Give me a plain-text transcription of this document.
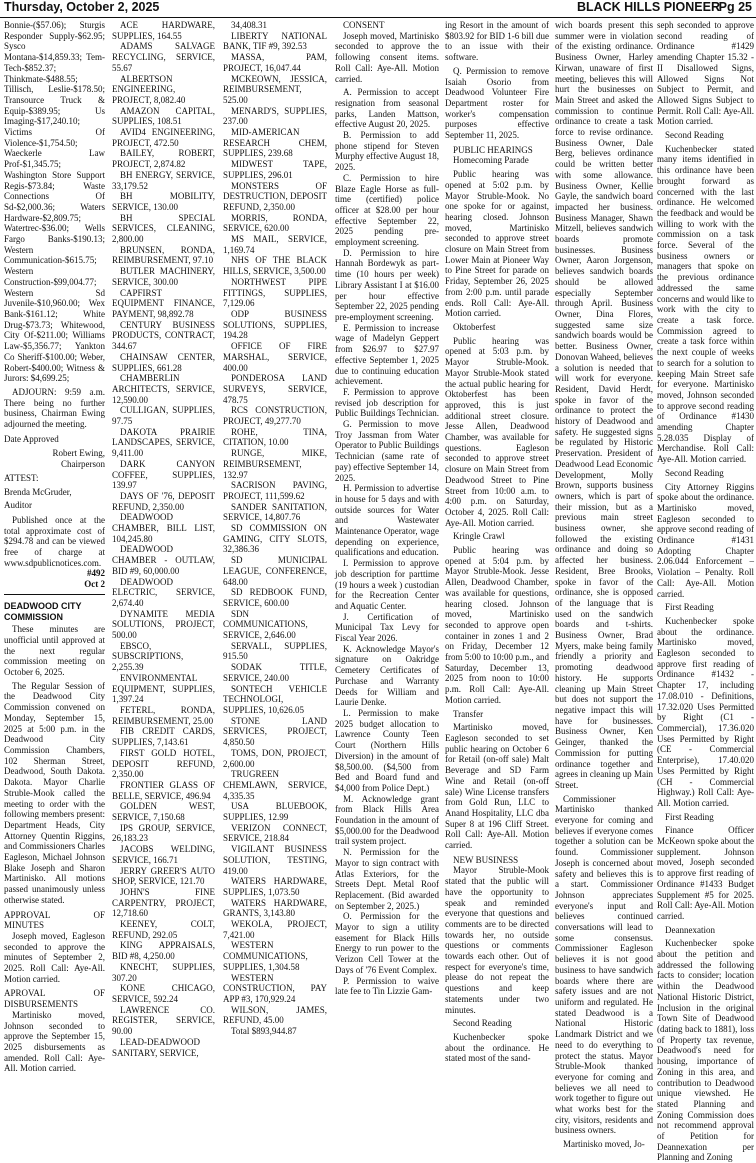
Thursday, October 2, 2025	BLACK HILLS PIONEER
Pg 25

Bonnie-($57.06); Sturgis Responder Supply-$62.95; Sysco Montana-$14,859.33; Tem-Tech-$852.37; Thinkmate-$488.55; Tillisch, Leslie-$178.50; Transource Truck & Equip-$389.95; Us Imaging-$17,240.10; Victims Of Violence-$1,754.50; Waeckerle Law Prof-$1,345.75; Washington Store Support Regis-$73.84; Waste Connections Of Sd-$2,000.36; Waters Hardware-$2,809.75; Watertrec-$36.00; Wells Fargo Banks-$190.13; Western Communication-$615.75; Western Construction-$99,004.77; Western Sd Juvenile-$10,960.00; Wex Bank-$161.12; White Drug-$73.73; Whitewood, City Of-$211.00; Williams Law-$5,356.77; Yankton Co Sheriff-$100.00; Weber, Robert-$400.00; Witness & Jurors: $4,699.25;

ADJOURN: 9:59 a.m. There being no further business, Chairman Ewing adjourned the meeting.

Date Approved

Robert Ewing,

Chairperson

ATTEST:

Brenda McGruder,

Auditor

Published once at the total approximate cost of $294.78 and can be viewed free of charge at www.sdpublicnotices.com.

#492

Oct 2

DEADWOOD CITY COMMISSION

These minutes are unofficial until approved at the next regular commission meeting on October 6, 2025.

The Regular Session of the Deadwood City Commission convened on Monday, September 15, 2025 at 5:00 p.m. in the Deadwood City Commission Chambers, 102 Sherman Street, Deadwood, South Dakota. Dakota. Mayor Charlie Struble-Mook called the meeting to order with the following members present: Department Heads, City Attorney Quentin Riggins, and Commissioners Charles Eagleson, Michael Johnson Blake Joseph and Sharon Martinisko. All motions passed unanimously unless otherwise stated.

APPROVAL OF MINUTES

Joseph moved, Eagleson seconded to approve the minutes of September 2, 2025. Roll Call: Aye-All. Motion carried.

APROVAL OF DISBURSEMENTS

Martinisko moved, Johnson seconded to approve the September 15, 2025 disbursements as amended. Roll Call: Aye-All. Motion carried.

ACE HARDWARE, SUPPLIES, 164.55

ADAMS SALVAGE RECYCLING, SERVICE, 55.67

ALBERTSON ENGINEERING, PROJECT, 8,082.40

AMAZON CAPITAL, SUPPLIES, 108.51

AVID4 ENGINEERING, PROJECT, 472.50

BAILEY, ROBERT, PROJECT, 2,874.82

BH ENERGY, SERVICE, 33,179.52

BH MOBILITY, SERVICE, 130.00

BH SPECIAL SERVICES, CLEANING, 2,800.00

BRUNSEN, RONDA, REIMBURSEMENT, 97.10

BUTLER MACHINERY, SERVICE, 300.00

CAPFIRST EQUIPMENT FINANCE, PAYMENT, 98,892.78

CENTURY BUSINESS PRODUCTS, CONTRACT, 344.67

CHAINSAW CENTER, SUPPLIES, 661.28

CHAMBERLIN ARCHITECTS, SERVICE, 12,590.00

CULLIGAN, SUPPLIES, 97.75

DAKOTA PRAIRIE LANDSCAPES, SERVICE, 9,411.00

DARK CANYON COFFEE, SUPPLIES, 139.97

DAYS OF '76, DEPOSIT REFUND, 2,350.00

DEADWOOD CHAMBER, BILL LIST, 104,245.80

DEADWOOD CHAMBER - OUTLAW, BID #9, 60,000.00

DEADWOOD ELECTRIC, SERVICE, 2,674.40

DYNAMITE MEDIA SOLUTIONS, PROJECT, 500.00

EBSCO, SUBSCRIPTIONS, 2,255.39

ENVIRONMENTAL EQUIPMENT, SUPPLIES, 1,397.24

FETERL, RONDA, REIMBURSEMENT, 25.00

FIB CREDIT CARDS, SUPPLIES, 7,143.61

FIRST GOLD HOTEL, DEPOSIT REFUND, 2,350.00

FRONTIER GLASS OF BELLE, SERVICE, 496.94

GOLDEN WEST, SERVICE, 7,150.68

IPS GROUP, SERVICE, 26,183.23

JACOBS WELDING, SERVICE, 166.71

JERRY GREER'S AUTO SHOP, SERVICE, 121.70

JOHN'S FINE CARPENTRY, PROJECT, 12,718.60

KEENEY, COLT, REFUND, 292.05

KING APPRAISALS, BID #8, 4,250.00

KNECHT, SUPPLIES, 307.20

KONE CHICAGO, SERVICE, 592.24

LAWRENCE CO. REGISTER, SERVICE, 90.00

LEAD-DEADWOOD SANITARY, SERVICE,

34,408.31

LIBERTY NATIONAL BANK, TIF #9, 392.53

MASSA, PAM, PROJECT, 16,047.44

MCKEOWN, JESSICA, REIMBURSEMENT, 525.00

MENARD'S, SUPPLIES, 237.00

MID-AMERICAN RESEARCH CHEM, SUPPLIES, 239.68

MIDWEST TAPE, SUPPLIES, 296.01

MONSTERS OF DESTRUCTION, DEPOSIT REFUND, 2,350.00

MORRIS, RONDA, SERVICE, 620.00

MS MAIL, SERVICE, 1,169.74

NHS OF THE BLACK HILLS, SERVICE, 3,500.00

NORTHWEST PIPE FITTINGS, SUPPLIES, 7,129.06

ODP BUSINESS SOLUTIONS, SUPPLIES, 194.28

OFFICE OF FIRE MARSHAL, SERVICE, 400.00

PONDEROSA LAND SURVEYS, SERVICE, 478.75

RCS CONSTRUCTION, PROJECT, 49,277.70

ROHE, TINA, CITATION, 10.00

RUNGE, MIKE, REIMBURSEMENT, 132.97

SACRISON PAVING, PROJECT, 111,599.62

SANDER SANITATION, SERVICE, 14,807.76

SD COMMISSION ON GAMING, CITY SLOTS, 32,386.36

SD MUNICIPAL LEAGUE, CONFERENCE, 648.00

SD REDBOOK FUND, SERVICE, 600.00

SDN COMMUNICATIONS, SERVICE, 2,646.00

SERVALL, SUPPLIES, 915.50

SODAK TITLE, SERVICE, 240.00

SONTECH VEHICLE TECHNOLOGI, SUPPLIES, 10,626.05

STONE LAND SERVICES, PROJECT, 4,850.50

TOMS, DON, PROJECT, 2,600.00

TRUGREEN CHEMLAWN, SERVICE, 4,335.35

USA BLUEBOOK, SUPPLIES, 12.99

VERIZON CONNECT, SERVICE, 218.84

VIGILANT BUSINESS SOLUTION, TESTING, 419.00

WATERS HARDWARE, SUPPLIES, 1,073.50

WATERS HARDWARE, GRANTS, 3,143.80

WEKOLA, PROJECT, 7,421.00

WESTERN COMMUNICATIONS, SUPPLIES, 1,304.58

WESTERN CONSTRUCTION, PAY APP #3, 170,929.24

WILSON, JAMES, REFUND, 45.00

Total $893,944.87

CONSENT

Joseph moved, Martinisko seconded to approve the following consent items. Roll Call: Aye-All. Motion carried.

A. Permission to accept resignation from seasonal parks, Landen Mattson, effective August 20, 2025.

B. Permission to add phone stipend for Steven Murphy effective August 18, 2025.

C. Permission to hire Blaze Eagle Horse as full-time (certified) police officer at $28.00 per hour effective September 22, 2025 pending pre-employment screening.

D. Permission to hire Hannah Bordewyk as part-time (10 hours per week) Library Assistant I at $16.00 per hour effective September 22, 2025 pending pre-employment screening.

E. Permission to increase wage of Madelyn Geppert from $26.97 to $27.97 effective September 1, 2025 due to continuing education achievement.

F. Permission to approve revised job description for Public Buildings Technician.

G. Permission to move Troy Jassman from Water Operator to Public Buildings Technician (same rate of pay) effective September 14, 2025.

H. Permission to advertise in house for 5 days and with outside sources for Water and Wastewater Maintenance Operator, wage depending on experience, qualifications and education.

I. Permission to approve job description for parttime (19 hours a week ) custodian for the Recreation Center and Aquatic Center.

J. Certification of Municipal Tax Levy for Fiscal Year 2026.

K. Acknowledge Mayor's signature on Oakridge Cemetery Certificates of Purchase and Warranty Deeds for William and Laurie Denke.

L. Permission to make 2025 budget allocation to Lawrence County Teen Court (Northern Hills Diversion) in the amount of $8,500.00. ($4,500 from Bed and Board fund and $4,000 from Police Dept.)

M. Acknowledge grant from Black Hills Area Foundation in the amount of $5,000.00 for the Deadwood trail system project.

N. Permission for the Mayor to sign contract with Atlas Exteriors, for the Streets Dept. Metal Roof Replacement. (Bid awarded on September 2, 2025.)

O. Permission for the Mayor to sign a utility easement for Black Hills Energy to run power to the Verizon Cell Tower at the Days of '76 Event Complex.

P. Permission to waive late fee to Tin Lizzie Gam-

ing Resort in the amount of $803.92 for BID 1-6 bill due to an issue with their software.

Q. Permission to remove Isaiah Osorio from Deadwood Volunteer Fire Department roster for worker's compensation purposes effective September 11, 2025.

PUBLIC HEARINGS

Homecoming Parade

Public hearing was opened at 5:02 p.m. by Mayor Struble-Mook. No one spoke for or against, hearing closed. Johnson moved, Martinisko seconded to approve street closure on Main Street from Lower Main at Pioneer Way to Pine Street for parade on Friday, September 26, 2025 from 2:00 p.m. until parade ends. Roll Call: Aye-All. Motion carried.

Oktoberfest

Public hearing was opened at 5:03 p.m. by Mayor Struble-Mook. Mayor Struble-Mook stated the actual public hearing for Oktoberfest has been approved, this is just additional street closure. Jesse Allen, Deadwood Chamber, was available for questions. Eagleson seconded to approve street closure on Main Street from Deadwood Street to Pine Street from 10:00 a.m. to 4:00 p.m. on Saturday, October 4, 2025. Roll Call: Aye-All. Motion carried.

Kringle Crawl

Public hearing was opened at 5:04 p.m. by Mayor Struble-Mook. Jesse Allen, Deadwood Chamber, was available for questions, hearing closed. Johnson moved, Martinisko seconded to approve open container in zones 1 and 2 on Friday, December 12 from 5:00 to 10:00 p.m., and Saturday, December 13, 2025 from noon to 10:00 p.m. Roll Call: Aye-All. Motion carried.

Transfer

Martinisko moved, Eagleson seconded to set public hearing on October 6 for Retail (on-off sale) Malt Beverage and SD Farm Wine and Retail (on-off sale) Wine License transfers from Gold Run, LLC to Anand Hospitality, LLC dba Super 8 at 196 Cliff Street. Roll Call: Aye-All. Motion carried.

NEW BUSINESS

Mayor Struble-Mook stated that the public will have the opportunity to speak and reminded everyone that questions and comments are to be directed towards her, no outside questions or comments towards each other. Out of respect for everyone's time, please do not repeat the questions and keep statements under two minutes.

Second Reading

Kuchenbecker spoke about the ordinance. He stated most of the sand-

wich boards present this summer were in violation of the existing ordinance. Business Owner, Harley Kirwan, unaware of first meeting, believes this will hurt the businesses on Main Street and asked the commission to continue ordinance to create a task force to revise ordinance. Business Owner, Dale Berg, believes ordinance could be written better with some allowance. Business Owner, Kellie Gayle, the sandwich board impacted her business. Business Manager, Shawn Mitzell, believes sandwich boards promote businesses. Business Owner, Aaron Jorgenson, believes sandwich boards should be allowed especially September through April. Business Owner, Dina Flores, suggested same size sandwich boards would be better. Business Owner, Donovan Waheed, believes a solution is needed that will work for everyone. Resident, David Herdt, spoke in favor of the ordinance to protect the history of Deadwood and safety. He suggested signs be regulated by Historic Preservation. President of Deadwood Lead Economic Development, Molly Brown, supports business owners, which is part of their mission, but as a previous main street business owner, she followed the existing ordinance and doing so affected her business. Resident, Bree Brooks, spoke in favor of the ordinance, she is opposed of the language that is used on the sandwich boards and t-shirts. Business Owner, Brad Myers, make being family friendly a priority and promoting deadwood history. He supports cleaning up Main Street but does not support the negative impact this will have for businesses. Business Owner, Ken Geinger, thanked the Commission for putting ordinance together and agrees in cleaning up Main Street.

Commissioner Martinisko thanked everyone for coming and believes if everyone comes together a solution can be found. Commissioner Joseph is concerned about safety and believes this is a start. Commissioner Johnson appreciates everyone's input and believes continued conversations will lead to some consensus. Commissioner Eagleson believes it is not good business to have sandwich boards where there are safety issues and are not uniform and regulated. He stated Deadwood is a National Historic Landmark District and we need to do everything to protect the status. Mayor Struble-Mook thanked everyone for coming and believes we all need to work together to figure out what works best for the city, visitors, residents and business owners.

Martinisko moved, Jo-

seph seconded to approve second reading of Ordinance #1429 amending Chapter 15.32 - II Disallowed Signs, Allowed Signs Not Subject to Permit, and Allowed Signs Subject to Permit. Roll Call: Aye-All. Motion carried.

Second Reading

Kuchenbecker stated many items identified in this ordinance have been brought forward as concerned with the last ordinance. He welcomed the feedback and would be willing to work with the commission on a task force. Several of the business owners or managers that spoke on the previous ordinance addressed the same concerns and would like to work with the city to create a task force. Commission agreed to create a task force within the next couple of weeks to search for a solution to keeping Main Street safe for everyone. Martinisko moved, Johnson seconded to approve second reading of Ordinance #1430 amending Chapter 5.28.035 Display of Merchandise. Roll Call: Aye-All. Motion carried.

Second Reading

City Attorney Riggins spoke about the ordinance. Martinisko moved, Eagleson seconded to approve second reading of Ordinance #1431 Adopting Chapter 2.06.044 Enforcement – Violation – Penalty. Roll Call: Aye-All. Motion carried.

First Reading

Kuchenbecker spoke about the ordinance. Martinisko moved, Eagleson seconded to approve first reading of Ordinance #1432 - Chapter 17, including 17.08.010 - Definitions, 17.32.020 Uses Permitted by Right (C1 - Commercial), 17.36.020 Uses Permitted by Right (CE - Commercial Enterprise), 17.40.020 Uses Permitted by Right (CH - Commercial Highway.) Roll Call: Aye-All. Motion carried.

First Reading

Finance Officer McKeown spoke about the supplement. Johnson moved, Joseph seconded to approve first reading of Ordinance #1433 Budget Supplement #5 for 2025. Roll Call: Aye-All. Motion carried.

Deannexation

Kuchenbecker spoke about the petition and addressed the following facts to consider; location within the Deadwood National Historic District, Inclusion in the original Town Site of Deadwood (dating back to 1881), loss of Property tax revenue, Deadwood's need for housing, importance of Zoning in this area, and contribution to Deadwood unique viewshed. He stated Planning and Zoning Commission does not recommend approval of Petition for Deannexation per Planning and Zoning
